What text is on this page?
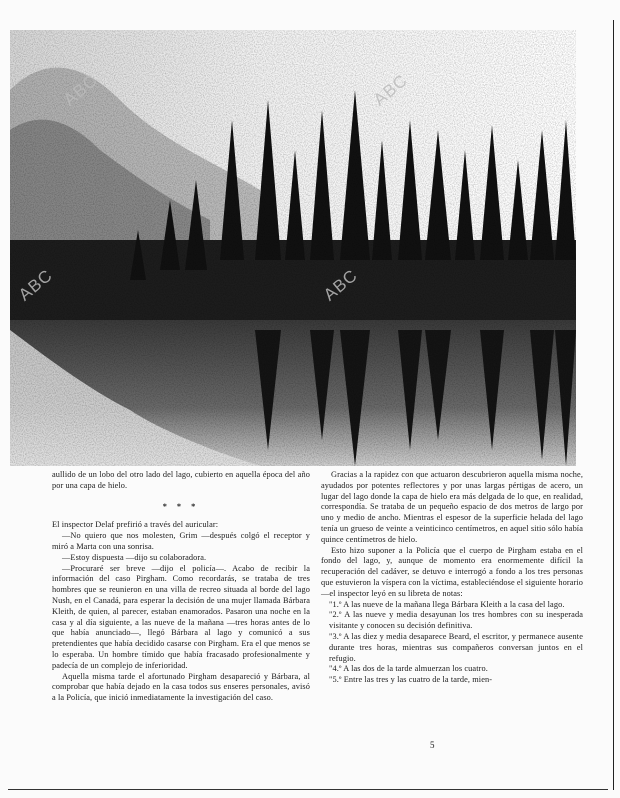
ABC	ABC
ABC	ABC

aullido de un lobo del otro lado del lago, cubierto en aquella época del año por una capa de hielo.

* * *

El inspector Delaf prefirió a través del auricular:

—No quiero que nos molesten, Grim —después colgó el receptor y miró a Marta con una sonrisa.

—Estoy dispuesta —dijo su colaboradora.

—Procuraré ser breve —dijo el policía—. Acabo de recibir la información del caso Pirgham. Como recordarás, se trataba de tres hombres que se reunieron en una villa de recreo situada al borde del lago Nush, en el Canadá, para esperar la decisión de una mujer llamada Bárbara Kleith, de quien, al parecer, estaban enamorados. Pasaron una noche en la casa y al día siguiente, a las nueve de la mañana —tres horas antes de lo que había anunciado—, llegó Bárbara al lago y comunicó a sus pretendientes que había decidido casarse con Pirgham. Era el que menos se lo esperaba. Un hombre tímido que había fracasado profesionalmente y padecía de un complejo de inferioridad.

Aquella misma tarde el afortunado Pirgham desapareció y Bárbara, al comprobar que había dejado en la casa todos sus enseres personales, avisó a la Policía, que inició inmediatamente la investigación del caso.

Gracias a la rapidez con que actuaron descubrieron aquella misma noche, ayudados por potentes reflectores y por unas largas pértigas de acero, un lugar del lago donde la capa de hielo era más delgada de lo que, en realidad, correspondía. Se trataba de un pequeño espacio de dos metros de largo por uno y medio de ancho. Mientras el espesor de la superficie helada del lago tenía un grueso de veinte a veinticinco centímetros, en aquel sitio sólo había quince centímetros de hielo.

Esto hizo suponer a la Policía que el cuerpo de Pirgham estaba en el fondo del lago, y, aunque de momento era enormemente difícil la recuperación del cadáver, se detuvo e interrogó a fondo a los tres personas que estuvieron la víspera con la víctima, estableciéndose el siguiente horario —el inspector leyó en su libreta de notas:

"1.º A las nueve de la mañana llega Bárbara Kleith a la casa del lago.

"2.º A las nueve y media desayunan los tres hombres con su inesperada visitante y conocen su decisión definitiva.

"3.º A las diez y media desaparece Beard, el escritor, y permanece ausente durante tres horas, mientras sus compañeros conversan juntos en el refugio.

"4.º A las dos de la tarde almuerzan los cuatro.

"5.º Entre las tres y las cuatro de la tarde, mien-

5
